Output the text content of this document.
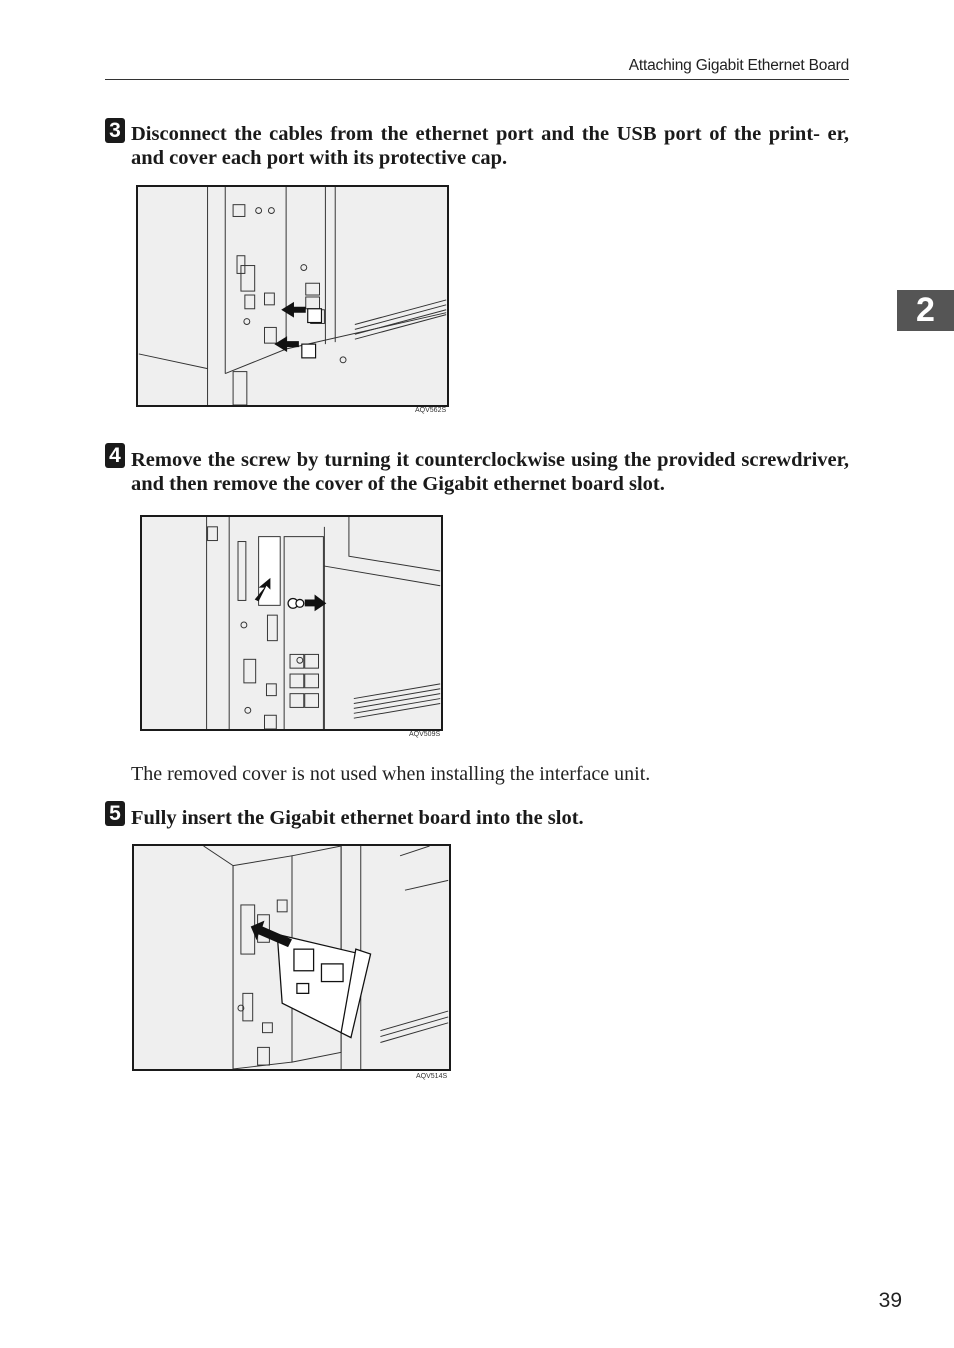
Attaching Gigabit Ethernet Board
2
3 Disconnect the cables from the ethernet port and the USB port of the print- er, and cover each port with its protective cap.

AQV562S
4 Remove the screw by turning it counterclockwise using the provided screwdriver, and then remove the cover of the Gigabit ethernet board slot.

AQV509S

The removed cover is not used when installing the interface unit.

5 Fully insert the Gigabit ethernet board into the slot.

AQV514S
39
